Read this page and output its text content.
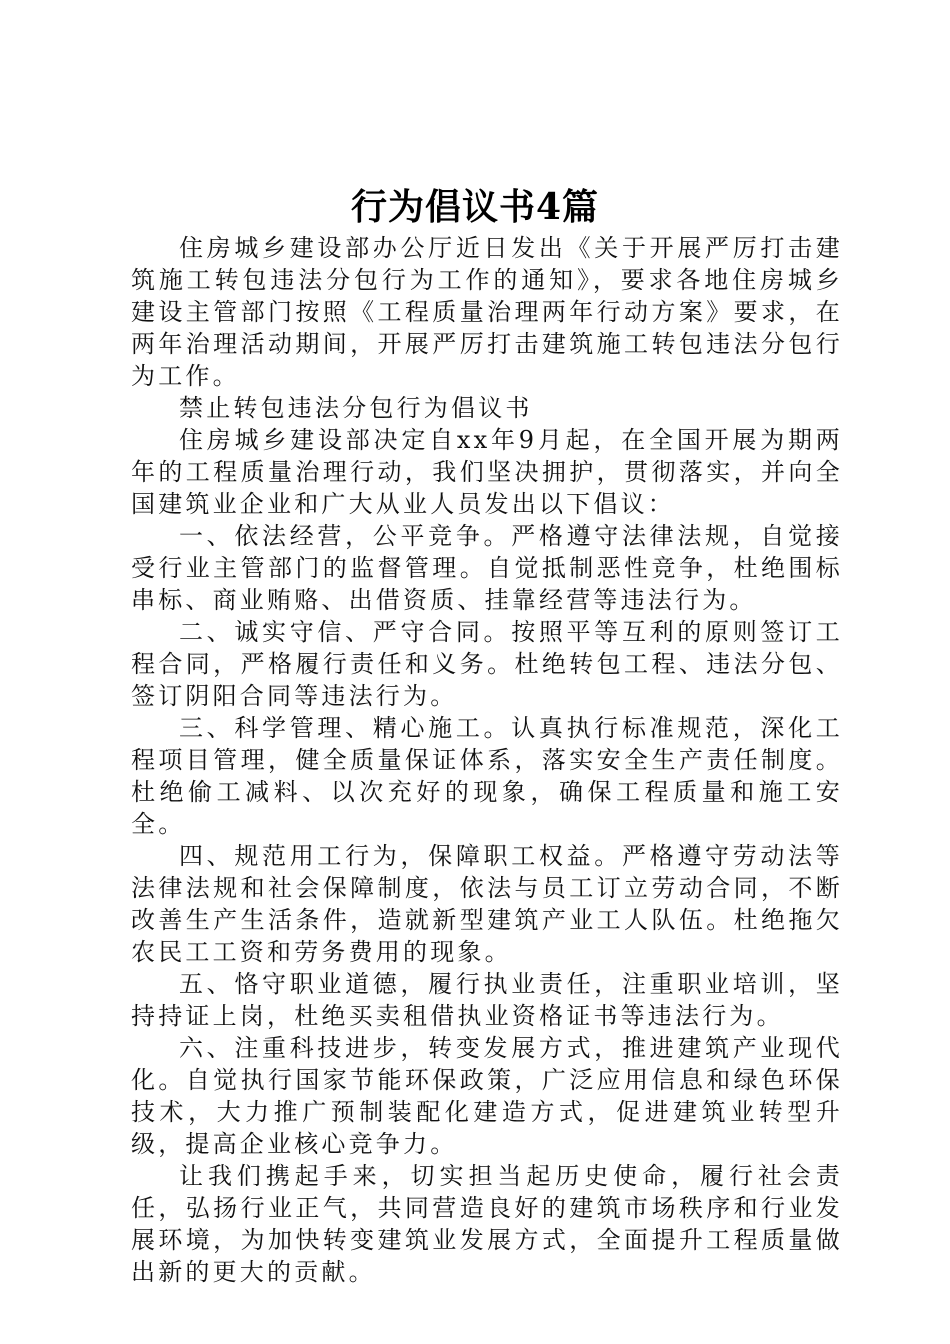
行为倡议书4篇

住房城乡建设部办公厅近日发出《关于开展严厉打击建筑施工转包违法分包行为工作的通知》，要求各地住房城乡建设主管部门按照《工程质量治理两年行动方案》要求，在两年治理活动期间，开展严厉打击建筑施工转包违法分包行为工作。

禁止转包违法分包行为倡议书

住房城乡建设部决定自xx年9月起，在全国开展为期两年的工程质量治理行动，我们坚决拥护，贯彻落实，并向全国建筑业企业和广大从业人员发出以下倡议：

一、依法经营，公平竞争。严格遵守法律法规，自觉接受行业主管部门的监督管理。自觉抵制恶性竞争，杜绝围标串标、商业贿赂、出借资质、挂靠经营等违法行为。

二、诚实守信、严守合同。按照平等互利的原则签订工程合同，严格履行责任和义务。杜绝转包工程、违法分包、签订阴阳合同等违法行为。

三、科学管理、精心施工。认真执行标准规范，深化工程项目管理，健全质量保证体系，落实安全生产责任制度。杜绝偷工减料、以次充好的现象，确保工程质量和施工安全。

四、规范用工行为，保障职工权益。严格遵守劳动法等法律法规和社会保障制度，依法与员工订立劳动合同，不断改善生产生活条件，造就新型建筑产业工人队伍。杜绝拖欠农民工工资和劳务费用的现象。

五、恪守职业道德，履行执业责任，注重职业培训，坚持持证上岗，杜绝买卖租借执业资格证书等违法行为。

六、注重科技进步，转变发展方式，推进建筑产业现代化。自觉执行国家节能环保政策，广泛应用信息和绿色环保技术，大力推广预制装配化建造方式，促进建筑业转型升级，提高企业核心竞争力。

让我们携起手来，切实担当起历史使命，履行社会责任，弘扬行业正气，共同营造良好的建筑市场秩序和行业发展环境，为加快转变建筑业发展方式，全面提升工程质量做出新的更大的贡献。
